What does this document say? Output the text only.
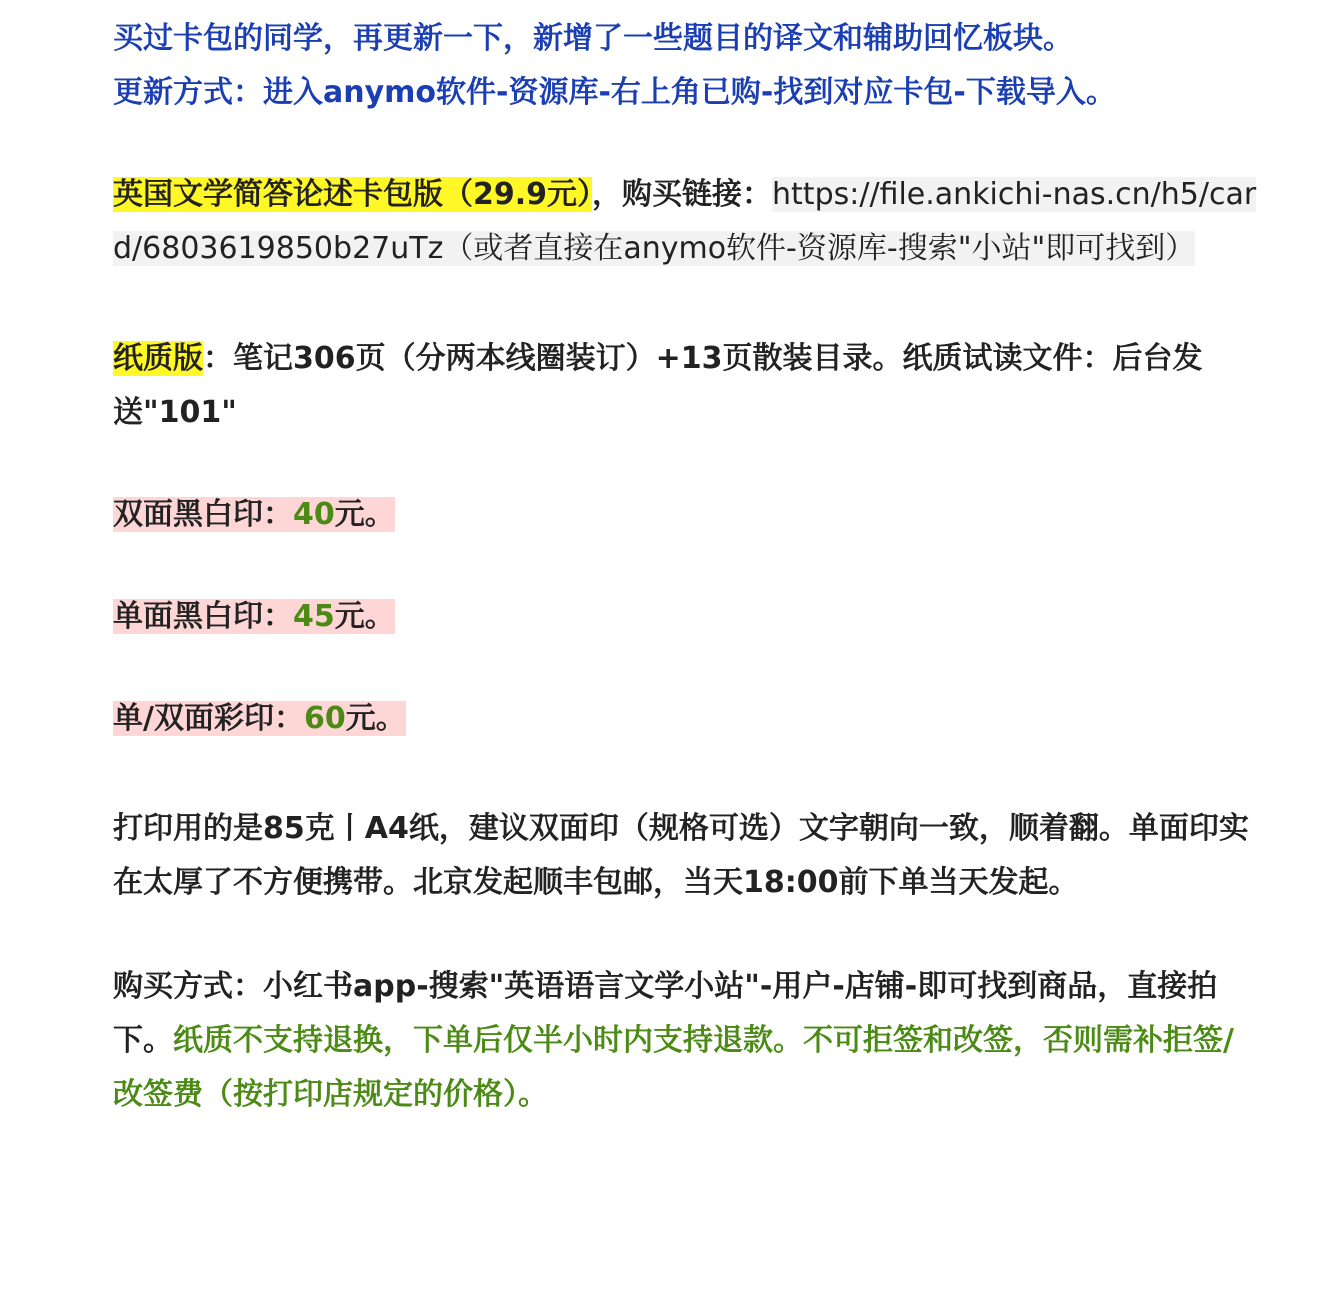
买过卡包的同学，再更新一下，新增了一些题目的译文和辅助回忆板块。
更新方式：进入anymo软件-资源库-右上角已购-找到对应卡包-下载导入。

英国文学简答论述卡包版（29.9元），购买链接：https://file.ankichi-nas.cn/h5/card/6803619850b27uTz（或者直接在anymo软件-资源库-搜索"小站"即可找到）

纸质版：笔记306页（分两本线圈装订）+13页散装目录。纸质试读文件：后台发送"101"

双面黑白印：40元。

单面黑白印：45元。

单/双面彩印：60元。

打印用的是85克丨A4纸，建议双面印（规格可选）文字朝向一致，顺着翻。单面印实在太厚了不方便携带。北京发起顺丰包邮，当天18:00前下单当天发起。

购买方式：小红书app-搜索"英语语言文学小站"-用户-店铺-即可找到商品，直接拍下。纸质不支持退换，下单后仅半小时内支持退款。不可拒签和改签，否则需补拒签/改签费（按打印店规定的价格）。
